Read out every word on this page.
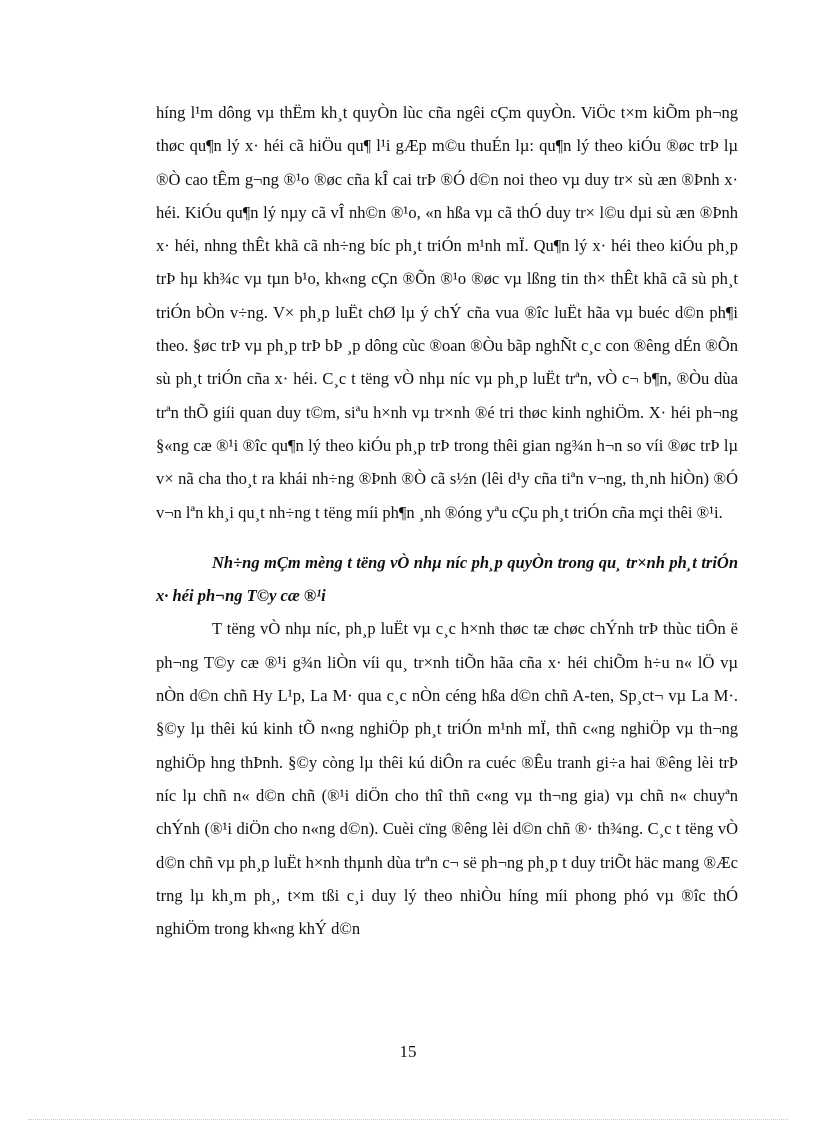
híng l¹m dông vµ thËm kh¸t quyÒn lùc cña ngêi cÇm quyÒn. ViÖc t×m kiÕm ph¬ng thøc qu¶n lý x· héi cã hiÖu qu¶ l¹i gÆp m©u thuÉn lµ: qu¶n lý theo kiÓu ®øc trÞ lµ ®Ò cao tÊm g¬ng ®¹o ®øc cña kÎ cai trÞ ®Ó d©n noi theo vµ duy tr× sù æn ®Þnh x· héi. KiÓu qu¶n lý nµy cã vÎ nh©n ®¹o, «n hßa vµ cã thÓ duy tr× l©u dµi sù æn ®Þnh x· héi, nhng thÊt khã cã nh÷ng bíc ph¸t triÓn m¹nh mÏ. Qu¶n lý x· héi theo kiÓu ph¸p trÞ hµ kh¾c vµ tµn b¹o, kh«ng cÇn ®Õn ®¹o ®øc vµ lßng tin th× thÊt khã cã sù ph¸t triÓn bÒn v÷ng. V× ph¸p luËt chØ lµ ý chÝ cña vua ®îc luËt hãa vµ buéc d©n ph¶i theo. §øc trÞ vµ ph¸p trÞ bÞ ¸p dông cùc ®oan ®Òu bãp nghÑt c¸c con ®êng dÉn ®Õn sù ph¸t triÓn cña x· héi. C¸c t tëng vÒ nhµ níc vµ ph¸p luËt trªn, vÒ c¬ b¶n, ®Òu dùa trªn thÕ giíi quan duy t©m, siªu h×nh vµ tr×nh ®é tri thøc kinh nghiÖm. X· héi ph¬ng §«ng cæ ®¹i ®îc qu¶n lý theo kiÓu ph¸p trÞ trong thêi gian ng¾n h¬n so víi ®øc trÞ lµ v× nã cha tho¸t ra khái nh÷ng ®Þnh ®Ò cã s½n (lêi d¹y cña tiªn v¬ng, th¸nh hiÒn) ®Ó v¬n lªn kh¸i qu¸t nh÷ng t tëng míi ph¶n ¸nh ®óng yªu cÇu ph¸t triÓn cña mçi thêi ®¹i.

Nh÷ng mÇm mèng t tëng vÒ nhµ níc ph¸p quyÒn trong qu¸ tr×nh ph¸t triÓn x· héi ph¬ng T©y cæ ®¹i

T tëng vÒ nhµ níc, ph¸p luËt vµ c¸c h×nh thøc tæ chøc chÝnh trÞ thùc tiÔn ë ph¬ng T©y cæ ®¹i g¾n liÒn víi qu¸ tr×nh tiÕn hãa cña x· héi chiÕm h÷u n« lÖ vµ nÒn d©n chñ Hy L¹p, La M· qua c¸c nÒn céng hßa d©n chñ A-ten, Sp¸ct¬ vµ La M·. §©y lµ thêi kú kinh tÕ n«ng nghiÖp ph¸t triÓn m¹nh mÏ, thñ c«ng nghiÖp vµ th¬ng nghiÖp hng thÞnh. §©y còng lµ thêi kú diÔn ra cuéc ®Êu tranh gi÷a hai ®êng lèi trÞ níc lµ chñ n« d©n chñ (®¹i diÖn cho thî thñ c«ng vµ th¬ng gia) vµ chñ n« chuyªn chÝnh (®¹i diÖn cho n«ng d©n). Cuèi cïng ®êng lèi d©n chñ ®· th¾ng. C¸c t tëng vÒ d©n chñ vµ ph¸p luËt h×nh thµnh dùa trªn c¬ së ph¬ng ph¸p t duy triÕt häc mang ®Æc trng lµ kh¸m ph¸, t×m tßi c¸i duy lý theo nhiÒu híng míi phong phó vµ ®îc thÓ nghiÖm trong kh«ng khÝ d©n

15
